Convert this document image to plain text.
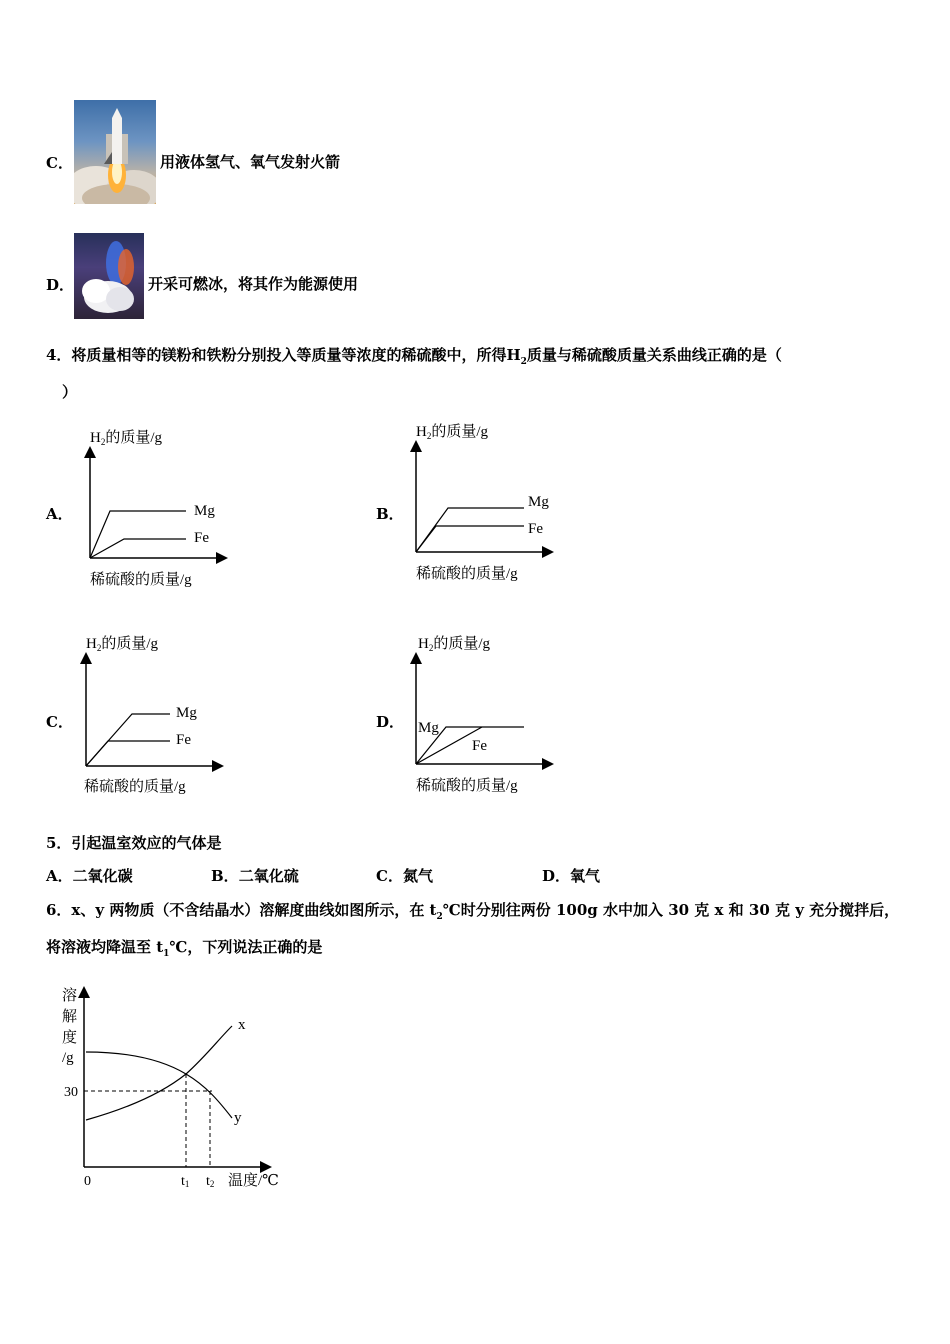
C．	用液体氢气、氧气发射火箭
D．	开采可燃冰，将其作为能源使用
4．将质量相等的镁粉和铁粉分别投入等质量等浓度的稀硫酸中，所得$H_2$质量与稀硫酸质量关系曲线正确的是（
）
A．	B．
C．	D．
$H_2$的质量/g
Mg
Fe
稀硫酸的质量/g
$H_2$的质量/g
Mg
Fe
稀硫酸的质量/g
$H_2$的质量/g
Mg
Fe
稀硫酸的质量/g
$H_2$的质量/g
Mg
Fe
稀硫酸的质量/g
5．引起温室效应的气体是
A．二氧化碳	B．二氧化硫	C．氮气	D．氧气
6．x、y 两物质（不含结晶水）溶解度曲线如图所示，在 $t_2℃$时分别往两份 100g 水中加入 30 克 x 和 30 克 y 充分搅拌后，
将溶液均降温至 $t_1℃$，下列说法正确的是
溶
解
度
/g
30
x
y
0	t1 t2 温度/℃
